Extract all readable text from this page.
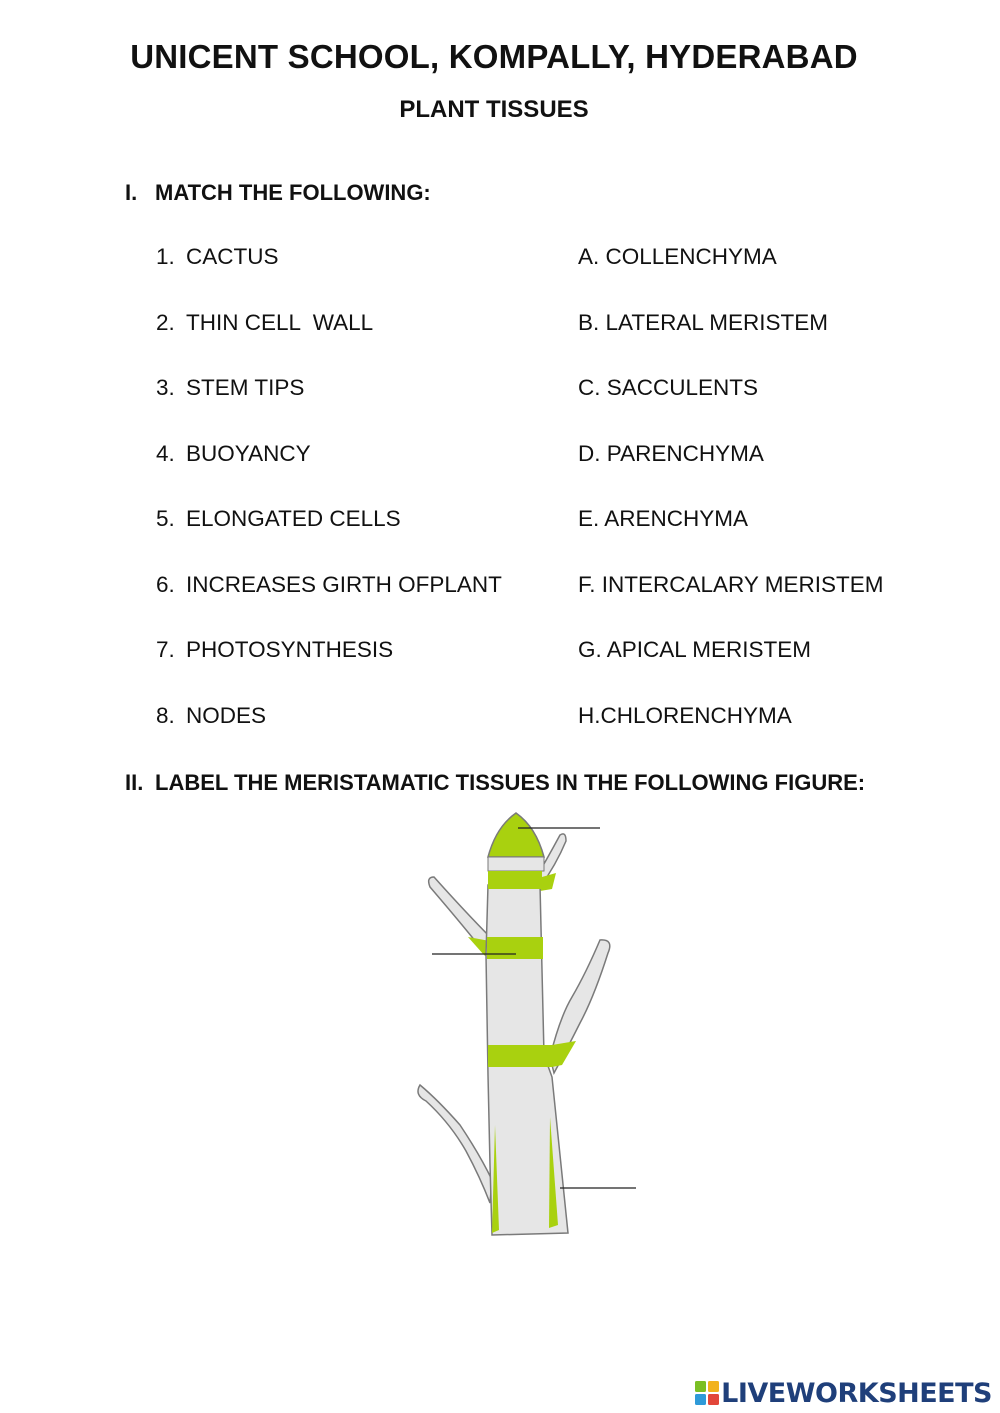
UNICENT SCHOOL, KOMPALLY, HYDERABAD
PLANT TISSUES
I. MATCH THE FOLLOWING:
1. CACTUS	A. COLLENCHYMA
2. THIN CELL  WALL	B. LATERAL MERISTEM
3. STEM TIPS	C. SACCULENTS
4. BUOYANCY	D. PARENCHYMA
5. ELONGATED CELLS	E. ARENCHYMA
6. INCREASES GIRTH OFPLANT	F. INTERCALARY MERISTEM
7. PHOTOSYNTHESIS	G. APICAL MERISTEM
8. NODES	H.CHLORENCHYMA
II. LABEL THE MERISTAMATIC TISSUES IN THE FOLLOWING FIGURE:
LIVEWORKSHEETS
